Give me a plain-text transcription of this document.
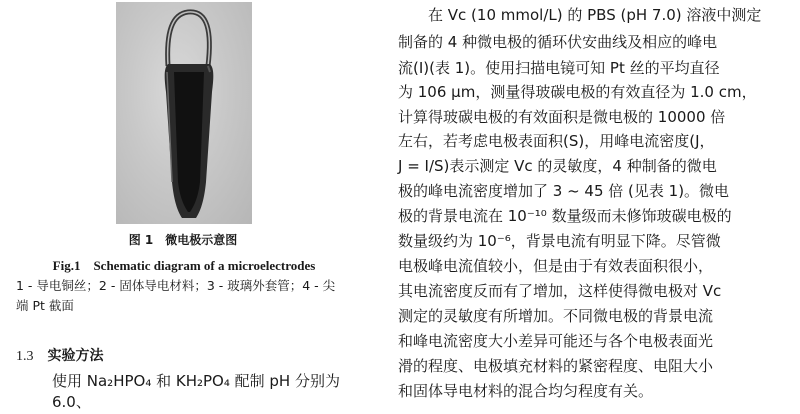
图 1　微电极示意图

Fig.1　Schematic diagram of a microelectrodes

1 - 导电铜丝；2 - 固体导电材料；3 - 玻璃外套管；4 - 尖
端 Pt 截面
1.3 实验方法

使用 Na₂HPO₄ 和 KH₂PO₄ 配制 pH 分别为 6.0、

在 Vc (10 mmol/L) 的 PBS (pH 7.0) 溶液中测定

制备的 4 种微电极的循环伏安曲线及相应的峰电

流(I)(表 1)。使用扫描电镜可知 Pt 丝的平均直径

为 106 μm，测量得玻碳电极的有效直径为 1.0 cm，

计算得玻碳电极的有效面积是微电极的 10000 倍

左右，若考虑电极表面积(S)，用峰电流密度(J，

J = I/S)表示测定 Vc 的灵敏度，4 种制备的微电

极的峰电流密度增加了 3 ~ 45 倍 (见表 1)。微电

极的背景电流在 10⁻¹⁰ 数量级而未修饰玻碳电极的

数量级约为 10⁻⁶，背景电流有明显下降。尽管微

电极峰电流值较小，但是由于有效表面积很小，

其电流密度反而有了增加，这样使得微电极对 Vc

测定的灵敏度有所增加。不同微电极的背景电流

和峰电流密度大小差异可能还与各个电极表面光

滑的程度、电极填充材料的紧密程度、电阻大小

和固体导电材料的混合均匀程度有关。
